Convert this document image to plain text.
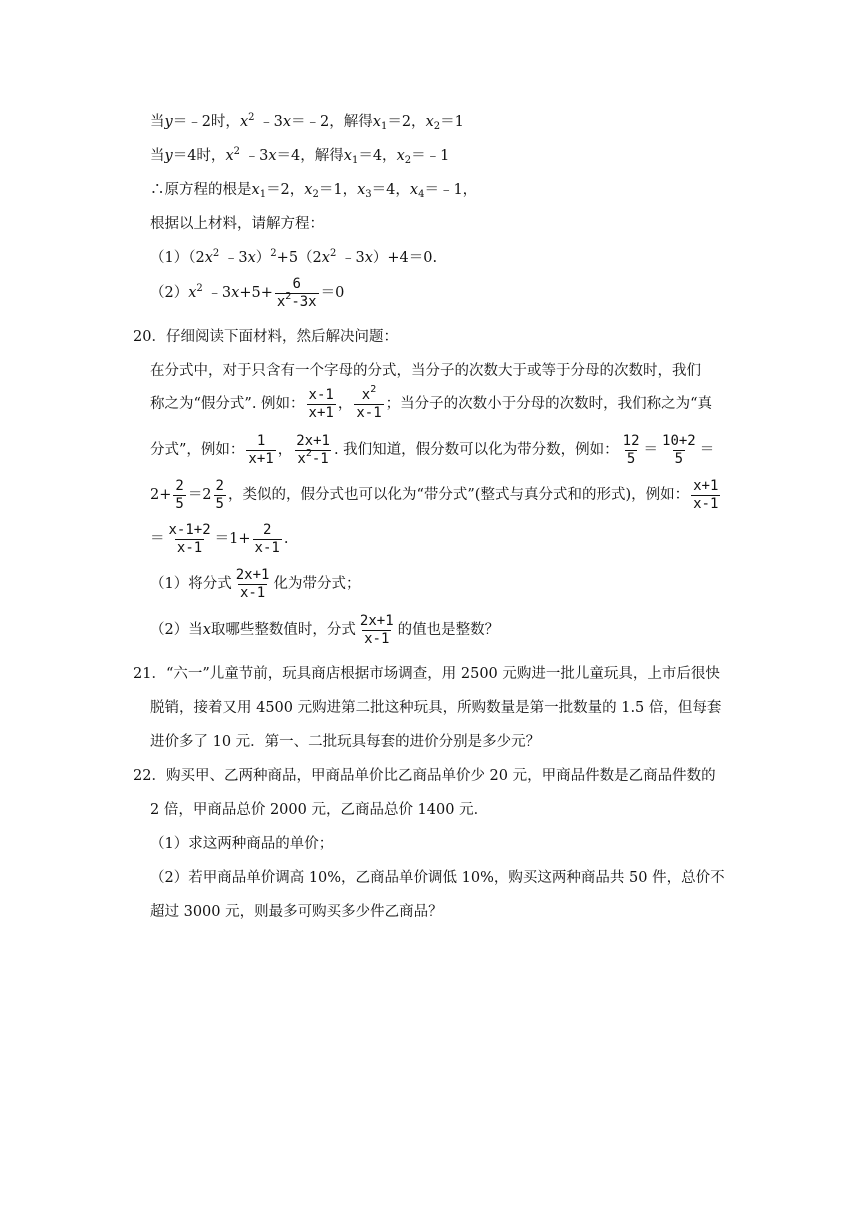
当y＝﹣2时，$x^2$ ﹣3x＝﹣2，解得$x_1=2$，$x_2=1$
当y＝4时，$x^2$ ﹣3x＝4，解得$x_1=4$，$x_2=﹣1$
∴原方程的根是$x_1=2$，$x_2=1$，$x_3=4$，$x_4=﹣1$，
根据以上材料，请解方程：
$(1)(2x^2$ $﹣3x)^2+5(2x^2$ ﹣3x）+4＝0.
$(2)x^2$ ﹣3x+5+ $\frac{6}{x^2-3x} =0$
20．仔细阅读下面材料，然后解决问题：
在分式中，对于只含有一个字母的分式，当分子的次数大于或等于分母的次数时，我们
称之为“假分式”. 例如： $\frac{x-1}{x+1}$ ， $\frac{x^2}{x-1}$ ；当分子的次数小于分母的次数时，我们称之为“真
分式”，例如： $\frac{1}{x+1}$ ， $\frac{2x+1}{x^2-1}$ . 我们知道，假分数可以化为带分数，例如： $\frac{12}{5} = \frac{10+2}{5}$ ＝
$2+ \frac{2}{5} =2 \frac{2}{5}$ ，类似的，假分式也可以化为“带分式”(整式与真分式和的形式)，例如： $\frac{x+1}{x-1}$
＝ $\frac{x-1+2}{x-1} =1+ \frac{2}{x-1}$ .
（1）将分式 $\frac{2x+1}{x-1}$ 化为带分式；
（2）当x取哪些整数值时，分式 $\frac{2x+1}{x-1}$ 的值也是整数？
21．“六一”儿童节前，玩具商店根据市场调查，用 2500 元购进一批儿童玩具，上市后很快
脱销，接着又用 4500 元购进第二批这种玩具，所购数量是第一批数量的 1.5 倍，但每套
进价多了 10 元．第一、二批玩具每套的进价分别是多少元？
22．购买甲、乙两种商品，甲商品单价比乙商品单价少 20 元，甲商品件数是乙商品件数的
2 倍，甲商品总价 2000 元，乙商品总价 1400 元．
（1）求这两种商品的单价；
（2）若甲商品单价调高 10%，乙商品单价调低 10%，购买这两种商品共 50 件，总价不
超过 3000 元，则最多可购买多少件乙商品？
